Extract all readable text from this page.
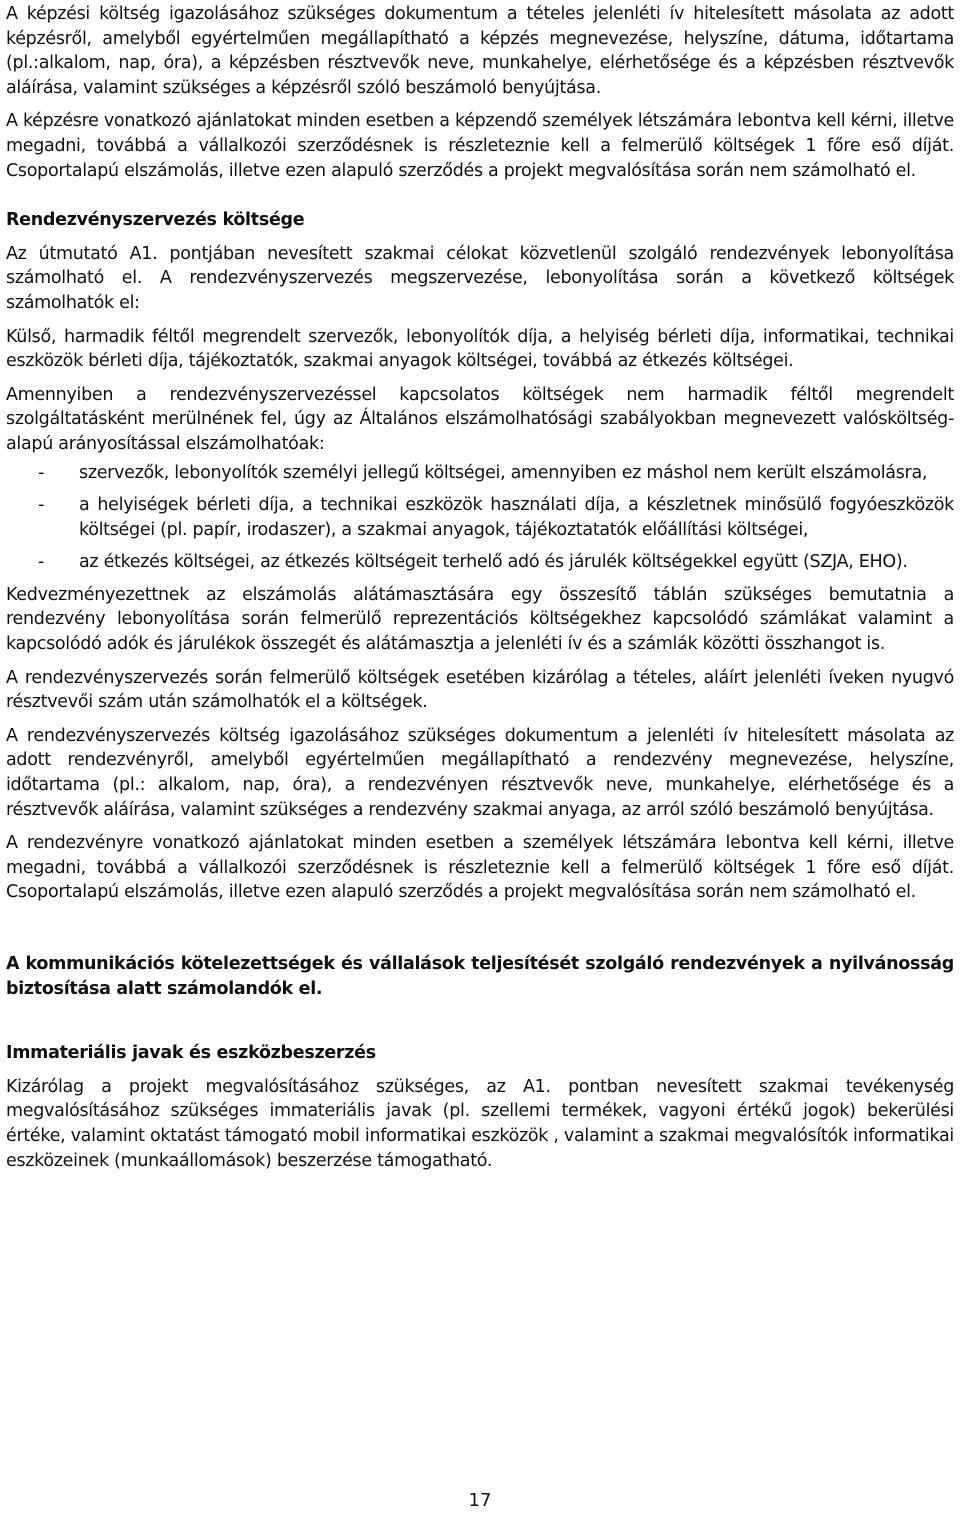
A képzési költség igazolásához szükséges dokumentum a tételes jelenléti ív hitelesített másolata az adott képzésről, amelyből egyértelműen megállapítható a képzés megnevezése, helyszíne, dátuma, időtartama (pl.:alkalom, nap, óra), a képzésben résztvevők neve, munkahelye, elérhetősége és a képzésben résztvevők aláírása, valamint szükséges a képzésről szóló beszámoló benyújtása.

A képzésre vonatkozó ajánlatokat minden esetben a képzendő személyek létszámára lebontva kell kérni, illetve megadni, továbbá a vállalkozói szerződésnek is részleteznie kell a felmerülő költségek 1 főre eső díját. Csoportalapú elszámolás, illetve ezen alapuló szerződés a projekt megvalósítása során nem számolható el.

Rendezvényszervezés költsége

Az útmutató A1. pontjában nevesített szakmai célokat közvetlenül szolgáló rendezvények lebonyolítása számolható el. A rendezvényszervezés megszervezése, lebonyolítása során a következő költségek számolhatók el:

Külső, harmadik féltől megrendelt szervezők, lebonyolítók díja, a helyiség bérleti díja, informatikai, technikai eszközök bérleti díja, tájékoztatók, szakmai anyagok költségei, továbbá az étkezés költségei.

Amennyiben a rendezvényszervezéssel kapcsolatos költségek nem harmadik féltől megrendelt szolgáltatásként merülnének fel, úgy az Általános elszámolhatósági szabályokban megnevezett valósköltség-alapú arányosítással elszámolhatóak:

- szervezők, lebonyolítók személyi jellegű költségei, amennyiben ez máshol nem került elszámolásra,
- a helyiségek bérleti díja, a technikai eszközök használati díja, a készletnek minősülő fogyóeszközök költségei (pl. papír, irodaszer), a szakmai anyagok, tájékoztatatók előállítási költségei,
- az étkezés költségei, az étkezés költségeit terhelő adó és járulék költségekkel együtt (SZJA, EHO).

Kedvezményezettnek az elszámolás alátámasztására egy összesítő táblán szükséges bemutatnia a rendezvény lebonyolítása során felmerülő reprezentációs költségekhez kapcsolódó számlákat valamint a kapcsolódó adók és járulékok összegét és alátámasztja a jelenléti ív és a számlák közötti összhangot is.

A rendezvényszervezés során felmerülő költségek esetében kizárólag a tételes, aláírt jelenléti íveken nyugvó résztvevői szám után számolhatók el a költségek.

A rendezvényszervezés költség igazolásához szükséges dokumentum a jelenléti ív hitelesített másolata az adott rendezvényről, amelyből egyértelműen megállapítható a rendezvény megnevezése, helyszíne, időtartama (pl.: alkalom, nap, óra), a rendezvényen résztvevők neve, munkahelye, elérhetősége és a résztvevők aláírása, valamint szükséges a rendezvény szakmai anyaga, az arról szóló beszámoló benyújtása.

A rendezvényre vonatkozó ajánlatokat minden esetben a személyek létszámára lebontva kell kérni, illetve megadni, továbbá a vállalkozói szerződésnek is részleteznie kell a felmerülő költségek 1 főre eső díját. Csoportalapú elszámolás, illetve ezen alapuló szerződés a projekt megvalósítása során nem számolható el.

A kommunikációs kötelezettségek és vállalások teljesítését szolgáló rendezvények a nyilvánosság biztosítása alatt számolandók el.

Immateriális javak és eszközbeszerzés

Kizárólag a projekt megvalósításához szükséges, az A1. pontban nevesített szakmai tevékenység megvalósításához szükséges immateriális javak (pl. szellemi termékek, vagyoni értékű jogok) bekerülési értéke, valamint oktatást támogató mobil informatikai eszközök , valamint a szakmai megvalósítók informatikai eszközeinek (munkaállomások) beszerzése támogatható.

17
